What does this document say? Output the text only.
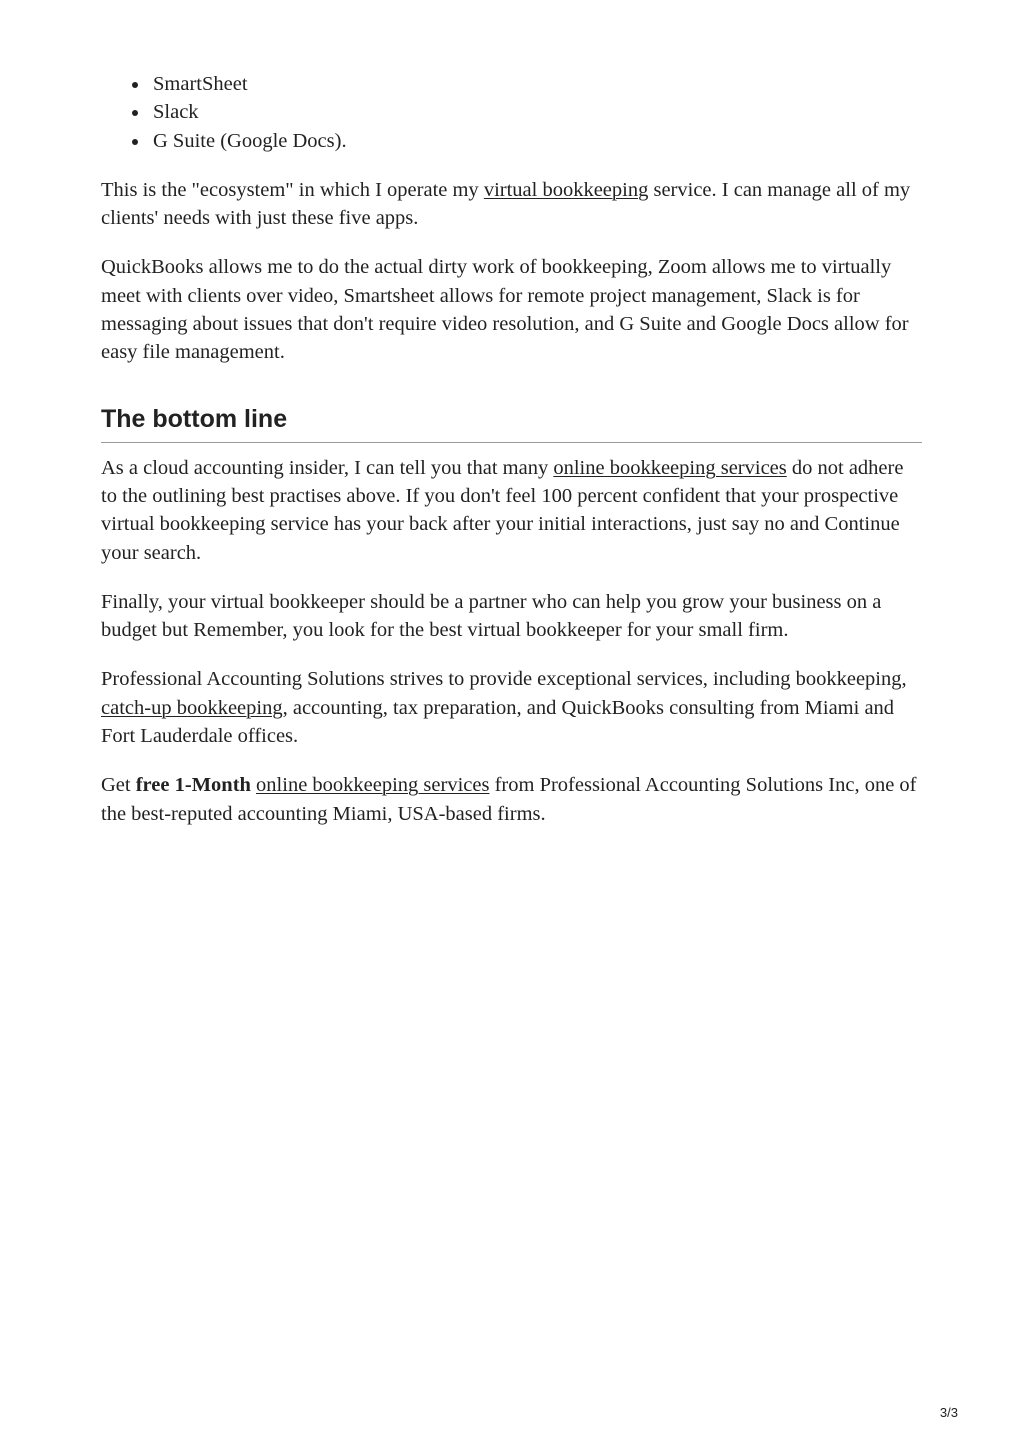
SmartSheet
Slack
G Suite (Google Docs).

This is the "ecosystem" in which I operate my virtual bookkeeping service. I can manage all of my clients' needs with just these five apps.

QuickBooks allows me to do the actual dirty work of bookkeeping, Zoom allows me to virtually meet with clients over video, Smartsheet allows for remote project management, Slack is for messaging about issues that don't require video resolution, and G Suite and Google Docs allow for easy file management.

The bottom line

As a cloud accounting insider, I can tell you that many online bookkeeping services do not adhere to the outlining best practises above. If you don't feel 100 percent confident that your prospective virtual bookkeeping service has your back after your initial interactions, just say no and Continue your search.

Finally, your virtual bookkeeper should be a partner who can help you grow your business on a budget but Remember, you look for the best virtual bookkeeper for your small firm.

Professional Accounting Solutions strives to provide exceptional services, including bookkeeping, catch-up bookkeeping, accounting, tax preparation, and QuickBooks consulting from Miami and Fort Lauderdale offices.

Get free 1-Month online bookkeeping services from Professional Accounting Solutions Inc, one of the best-reputed accounting Miami, USA-based firms.

3/3
